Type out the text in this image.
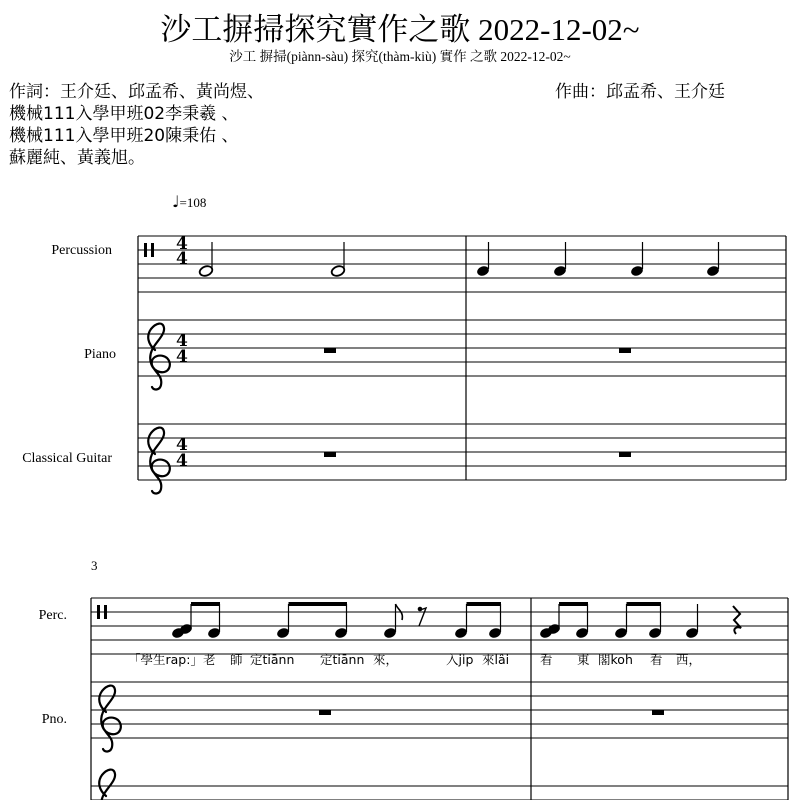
沙工摒掃探究實作之歌 2022-12-02~
沙工 摒掃(piànn-sàu) 探究(thàm-kiù) 實作 之歌 2022-12-02~
作詞：王介廷、邱孟希、黃尚煜、
機械111入學甲班02李秉羲 、
機械111入學甲班20陳秉佑 、
蘇麗純、黃義旭。
作曲：邱孟希、王介廷
♩=108
Percussion
Piano
Classical Guitar
3
Perc.
Pno.
「學生rap:」老 師 定tiānn 定tiānn 來，	入ji̍p 來lâi 看 東 閣koh 看 西，
4
4
4
4
4
4
